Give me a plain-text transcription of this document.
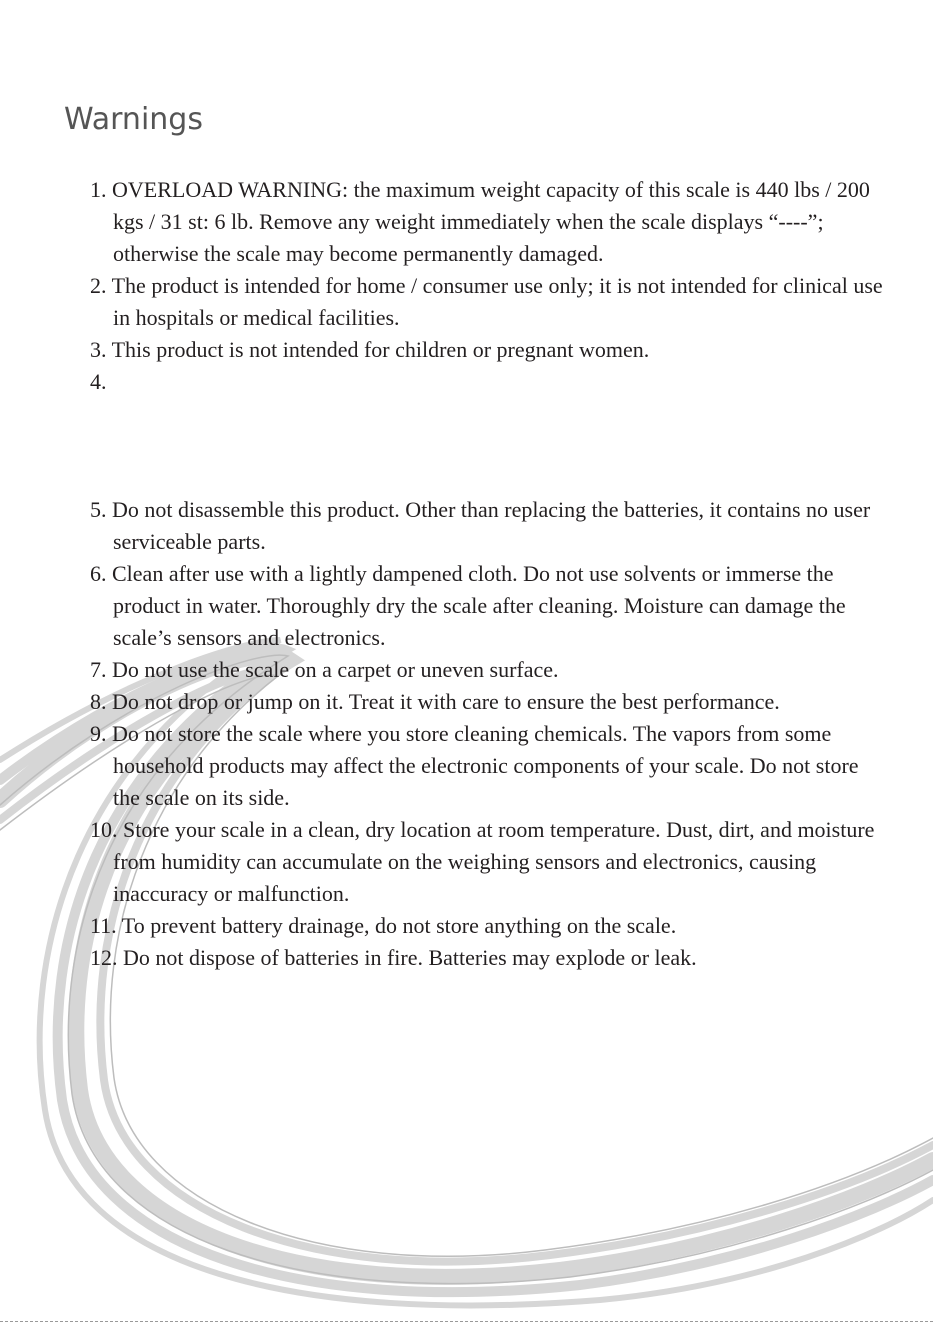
Warnings
1. OVERLOAD WARNING: the maximum weight capacity of this scale is 440 lbs / 200 kgs / 31 st: 6 lb. Remove any weight immediately when the scale displays “----”; otherwise the scale may become permanently damaged.
2. The product is intended for home / consumer use only; it is not intended for clinical use in hospitals or medical facilities.
3. This product is not intended for children or pregnant women.
4.
5. Do not disassemble this product. Other than replacing the batteries, it contains no user serviceable parts.
6. Clean after use with a lightly dampened cloth. Do not use solvents or immerse the product in water. Thoroughly dry the scale after cleaning. Moisture can damage the scale’s sensors and electronics.
7. Do not use the scale on a carpet or uneven surface.
8. Do not drop or jump on it. Treat it with care to ensure the best performance.
9. Do not store the scale where you store cleaning chemicals. The vapors from some household products may affect the electronic components of your scale. Do not store the scale on its side.
10. Store your scale in a clean, dry location at room temperature. Dust, dirt, and moisture from humidity can accumulate on the weighing sensors and electronics, causing inaccuracy or malfunction.
11. To prevent battery drainage, do not store anything on the scale.
12. Do not dispose of batteries in fire. Batteries may explode or leak.
